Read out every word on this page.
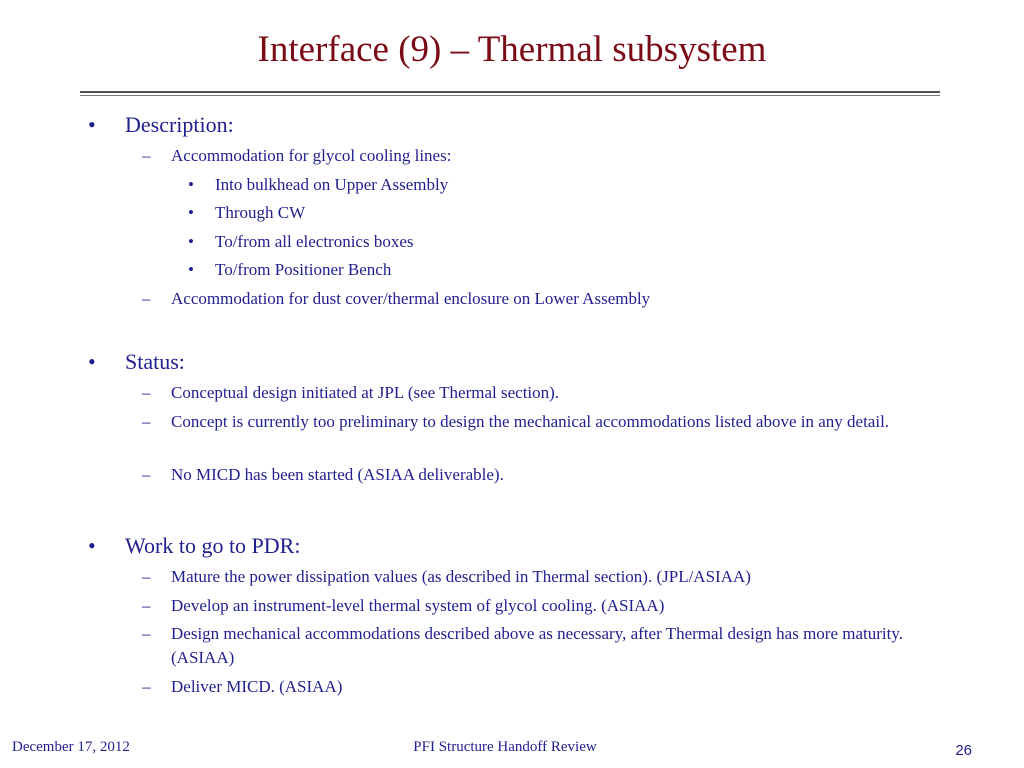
Interface (9) – Thermal subsystem
• Description:
– Accommodation for glycol cooling lines:
• Into bulkhead on Upper Assembly
• Through CW
• To/from all electronics boxes
• To/from Positioner Bench
– Accommodation for dust cover/thermal enclosure on Lower Assembly
• Status:
– Conceptual design initiated at JPL (see Thermal section).
– Concept is currently too preliminary to design the mechanical accommodations listed above in any detail.
– No MICD has been started (ASIAA deliverable).
• Work to go to PDR:
– Mature the power dissipation values (as described in Thermal section). (JPL/ASIAA)
– Develop an instrument-level thermal system of glycol cooling. (ASIAA)
– Design mechanical accommodations described above as necessary, after Thermal design has more maturity. (ASIAA)
– Deliver MICD. (ASIAA)
December 17, 2012	PFI Structure Handoff Review	26
